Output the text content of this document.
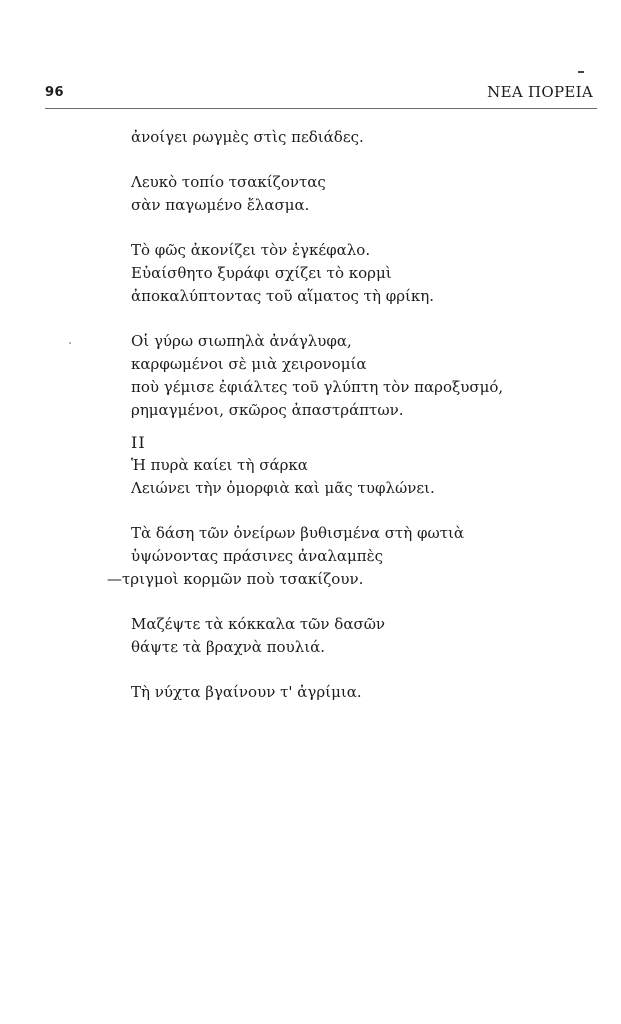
96	ΝΕΑ ΠΟΡΕΙΑ
ἀνοίγει ρωγμὲς στὶς πεδιάδες.
Λευκὸ τοπίο τσακίζοντας
σὰν παγωμένο ἔλασμα.
Τὸ φῶς ἀκονίζει τὸν ἐγκέφαλο.
Εὐαίσθητο ξυράφι σχίζει τὸ κορμὶ
ἀποκαλύπτοντας τοῦ αἵματος τὴ φρίκη.
Οἱ γύρω σιωπηλὰ ἀνάγλυφα,
καρφωμένοι σὲ μιὰ χειρονομία
ποὺ γέμισε ἐφιάλτες τοῦ γλύπτη τὸν παροξυσμό,
ρημαγμένοι, σκῶρος ἀπαστράπτων.
II
Ἡ πυρὰ καίει τὴ σάρκα
Λειώνει τὴν ὀμορφιὰ καὶ μᾶς τυφλώνει.
Τὰ δάση τῶν ὀνείρων βυθισμένα στὴ φωτιὰ
ὑψώνοντας πράσινες ἀναλαμπὲς
—τριγμοὶ κορμῶν ποὺ τσακίζουν.
Μαζέψτε τὰ κόκκαλα τῶν δασῶν
θάψτε τὰ βραχνὰ πουλιά.
Τὴ νύχτα βγαίνουν τ' ἀγρίμια.
